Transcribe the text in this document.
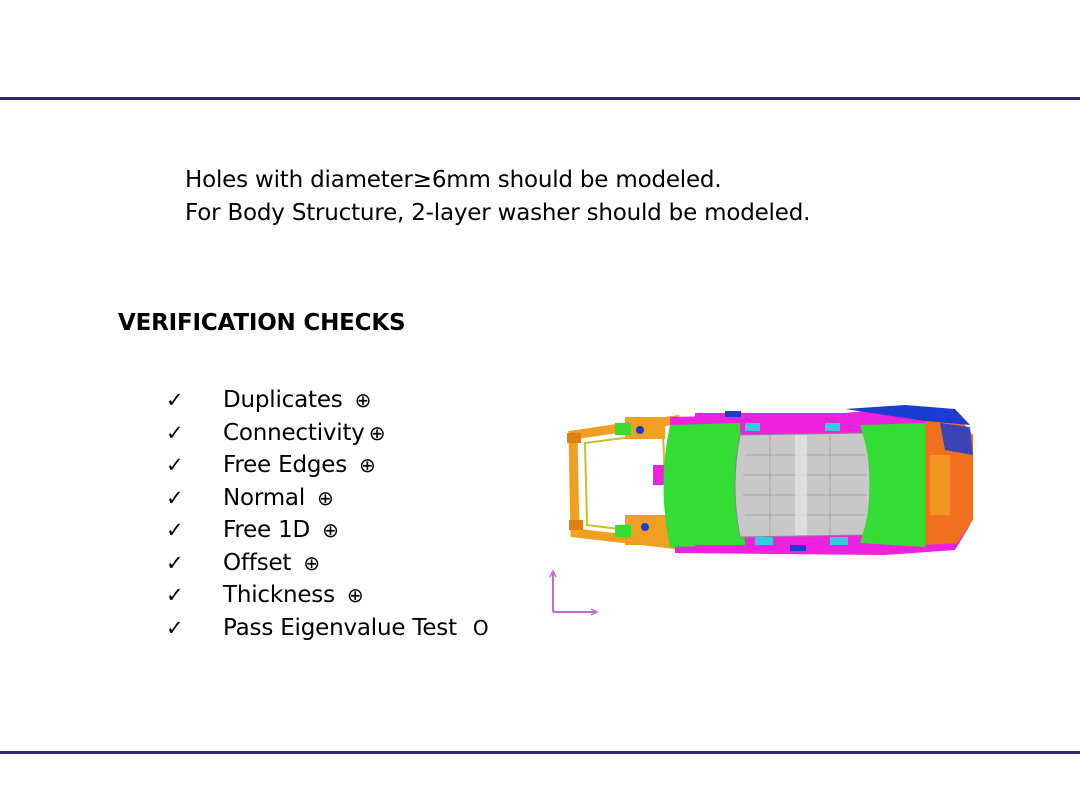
Holes with diameter≥6mm should be modeled.
For Body Structure, 2-layer washer should be modeled.
VERIFICATION CHECKS
✓	Duplicates ⊕
✓	Connectivity ⊕
✓	Free Edges ⊕
✓	Normal ⊕
✓	Free 1D ⊕
✓	Offset ⊕
✓	Thickness ⊕
✓	Pass Eigenvalue Test O
